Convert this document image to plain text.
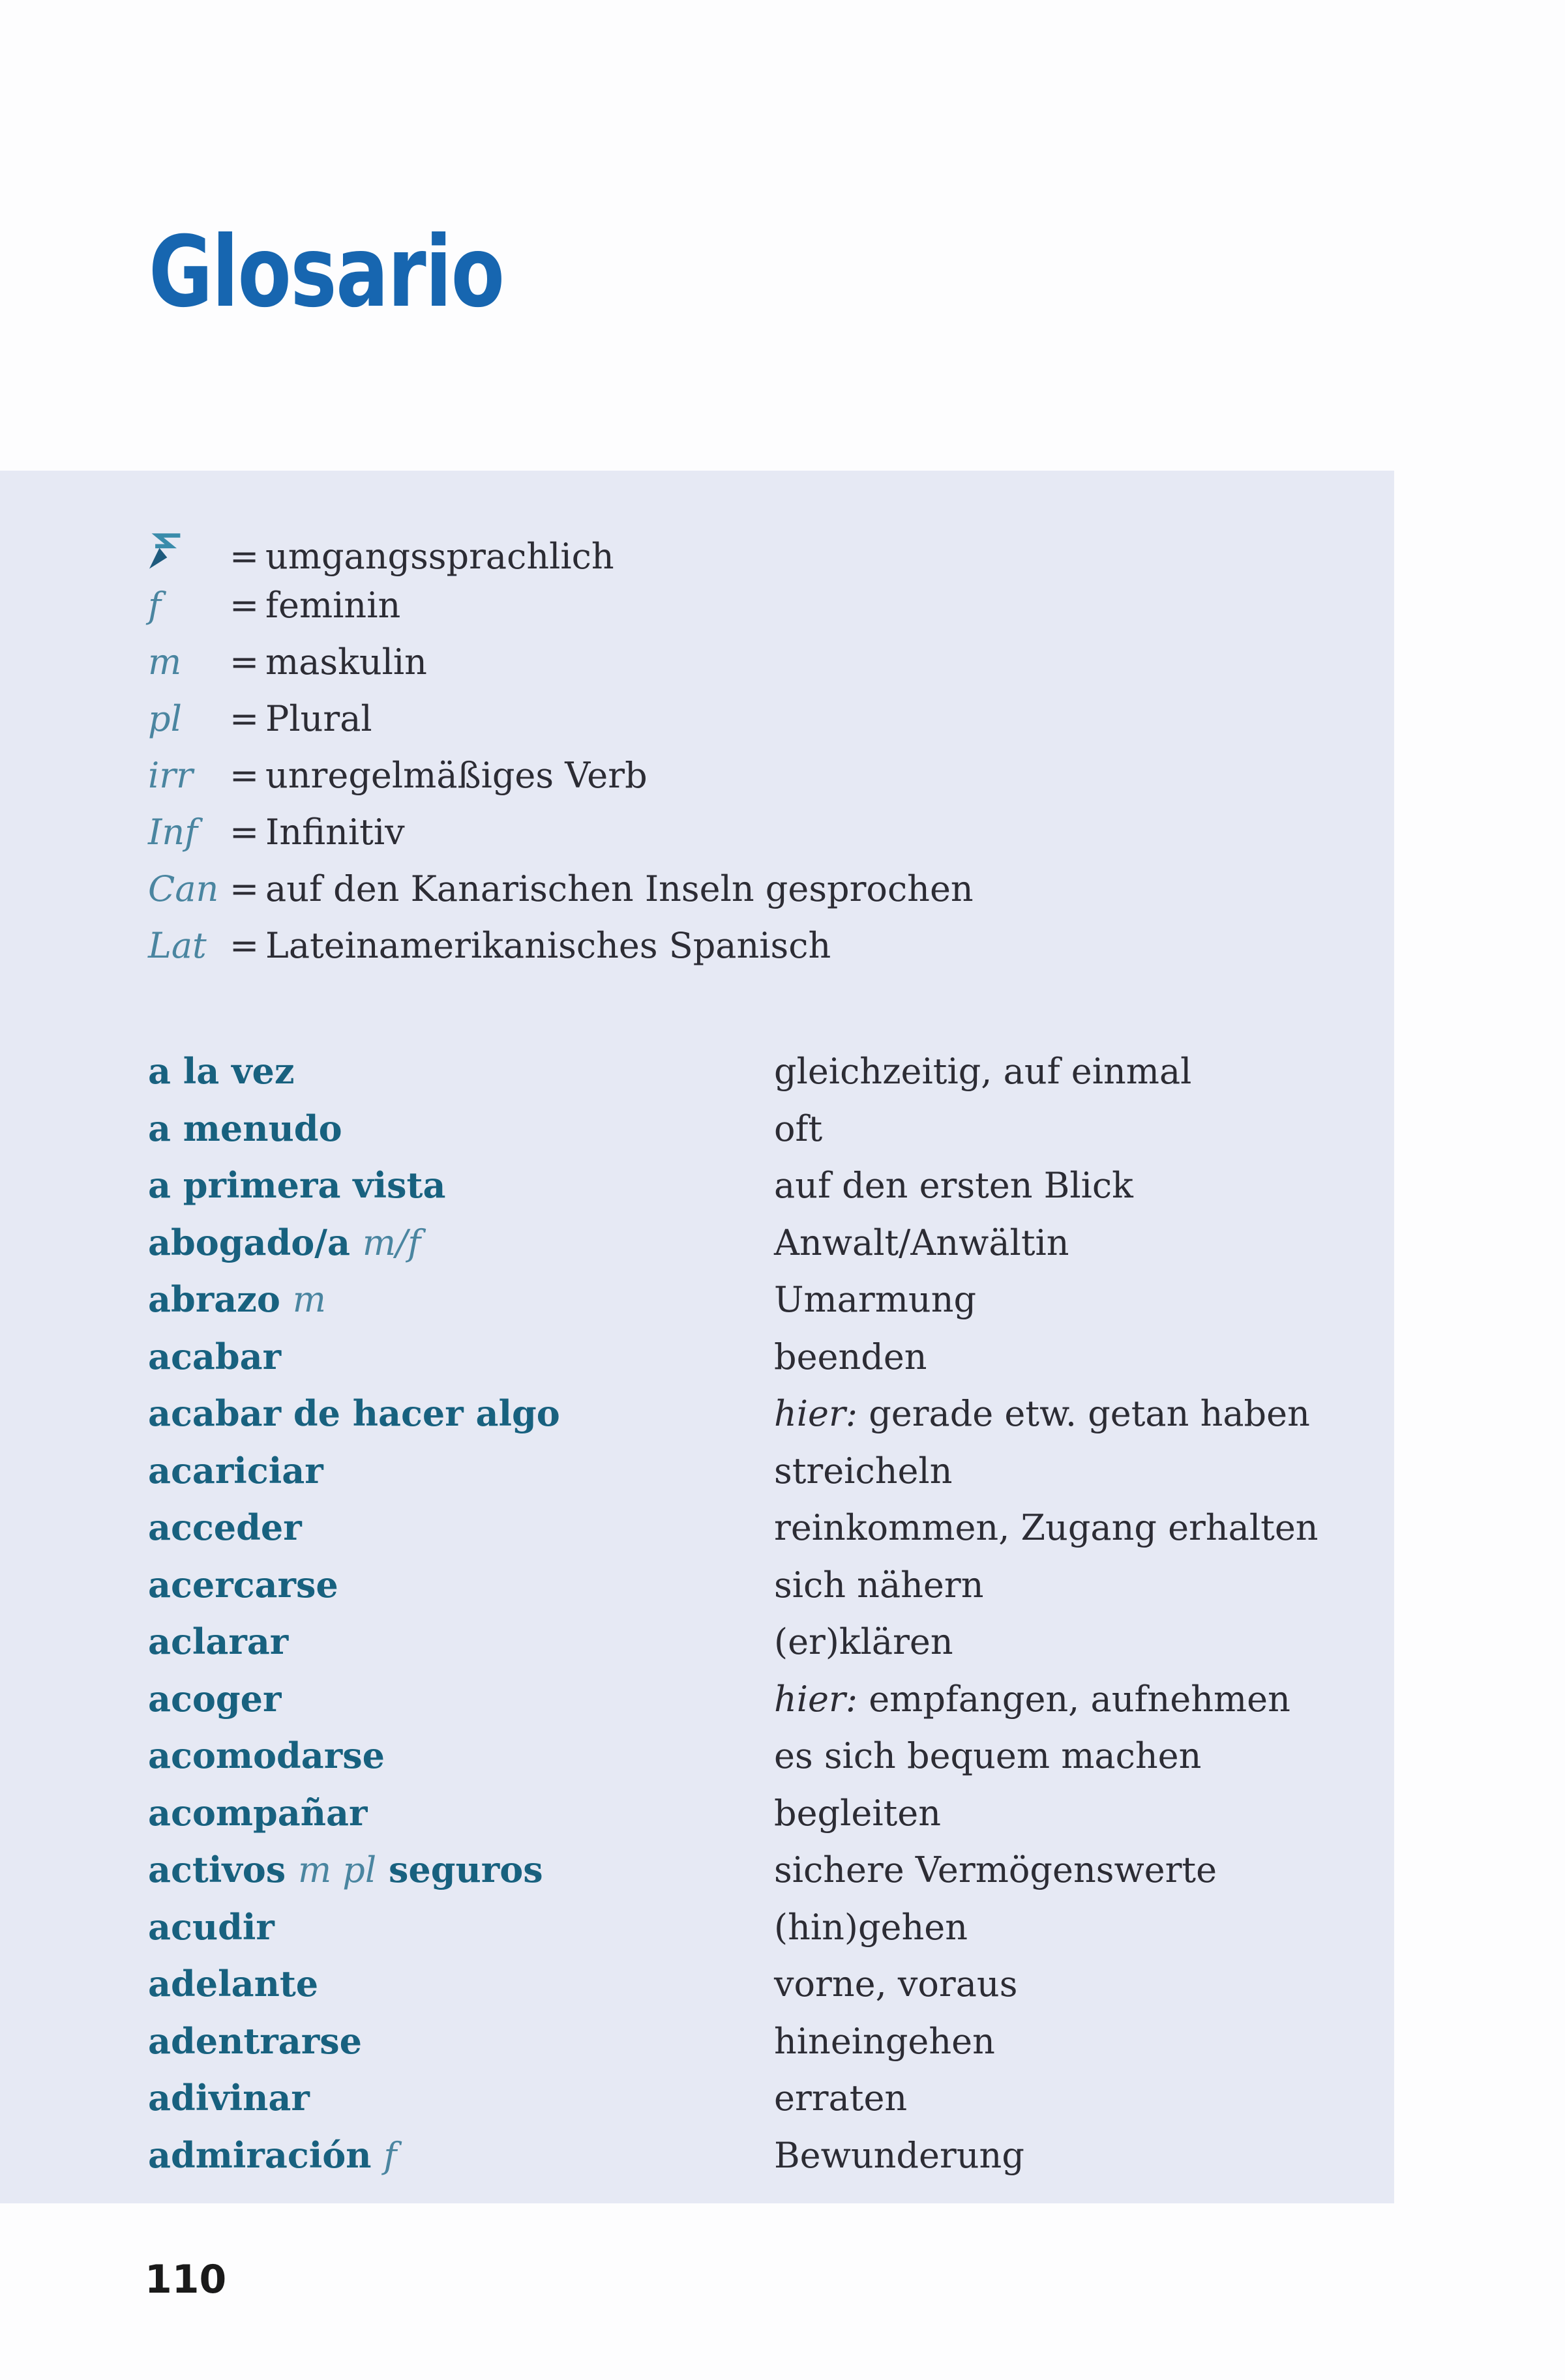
Glosario
= umgangssprachlich
f	= feminin
m	= maskulin
pl	= Plural
irr	= unregelmäßiges Verb
Inf = Infinitiv
Can = auf den Kanarischen Inseln gesprochen
Lat = Lateinamerikanisches Spanisch
a la vez	gleichzeitig, auf einmal
a menudo	oft
a primera vista	auf den ersten Blick
abogado/a m/f	Anwalt/Anwältin
abrazo m	Umarmung
acabar	beenden
acabar de hacer algo	hier: gerade etw. getan haben
acariciar	streicheln
acceder	reinkommen, Zugang erhalten
acercarse	sich nähern
aclarar	(er)klären
acoger	hier: empfangen, aufnehmen
acomodarse	es sich bequem machen
acompañar	begleiten
activos m pl seguros	sichere Vermögenswerte
acudir	(hin)gehen
adelante	vorne, voraus
adentrarse	hineingehen
adivinar	erraten
admiración f	Bewunderung
110
